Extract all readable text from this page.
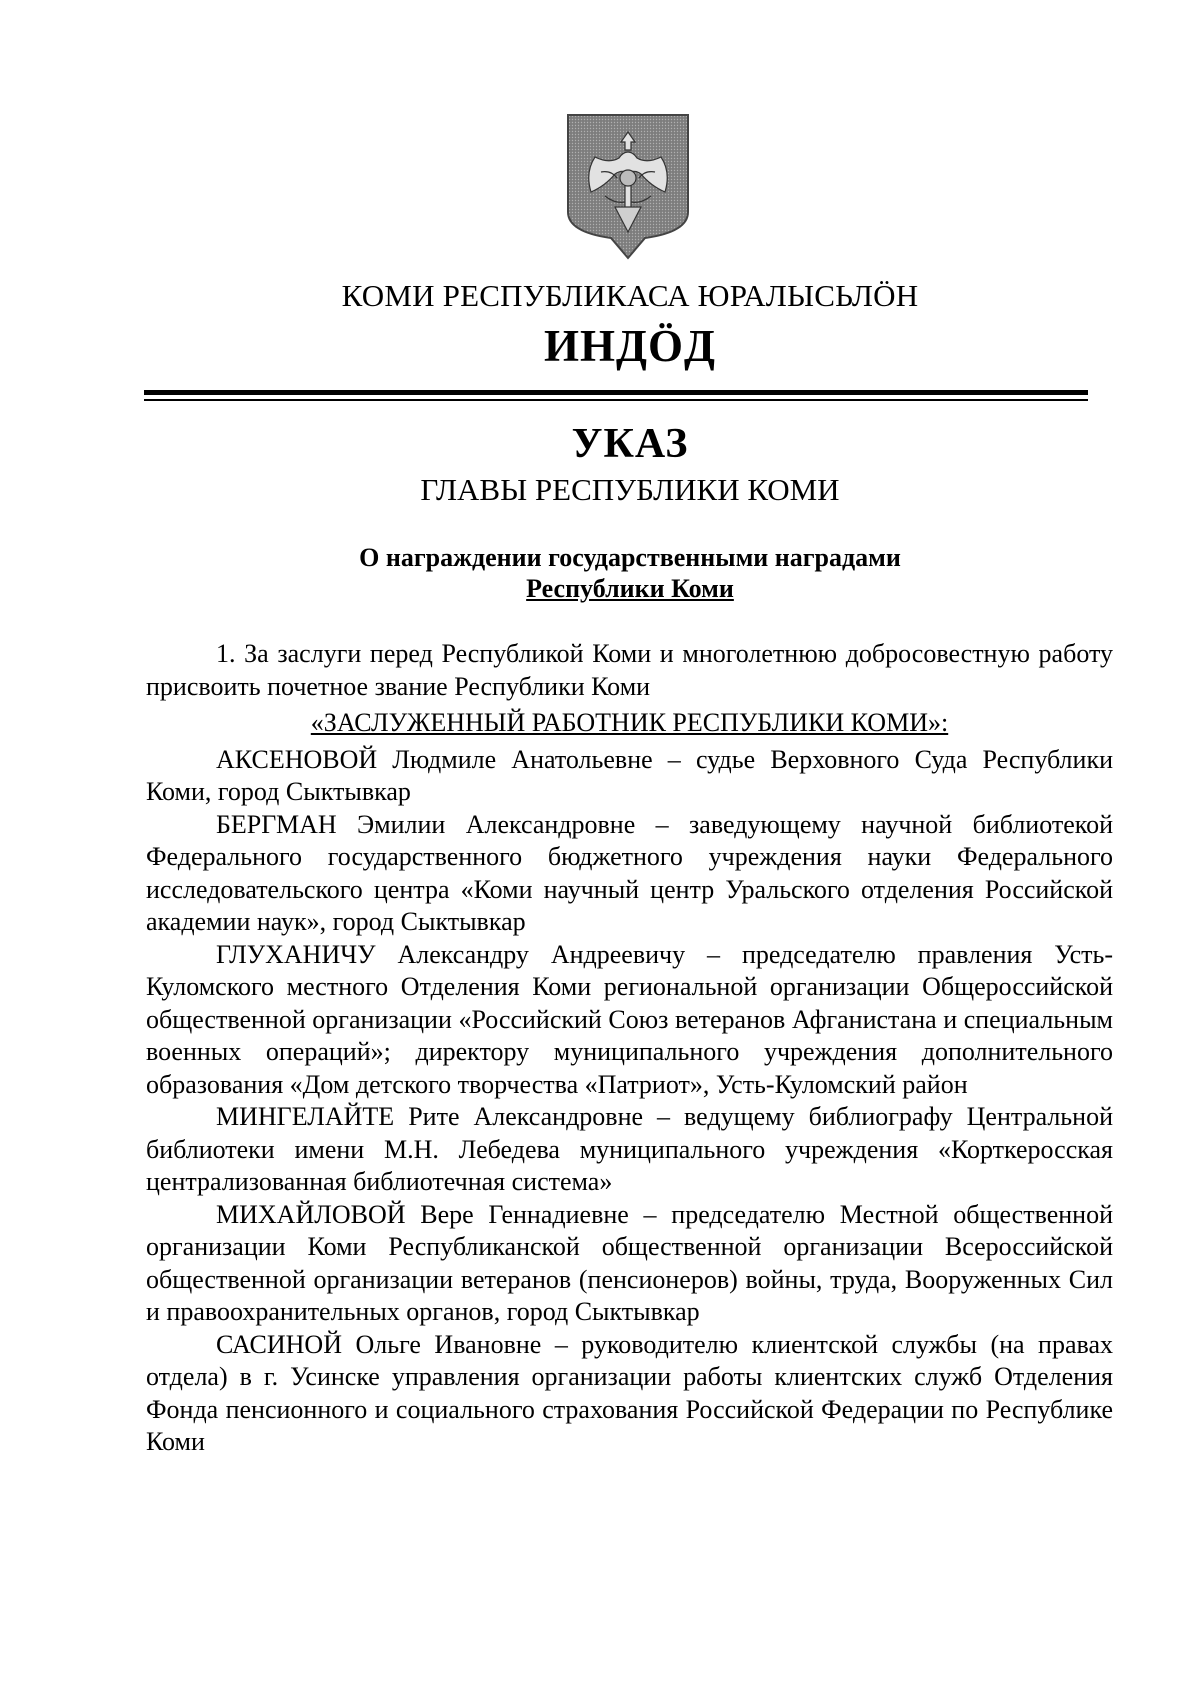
КОМИ РЕСПУБЛИКАСА ЮРАЛЫСЬЛÖН
ИНДÖД
УКАЗ
ГЛАВЫ РЕСПУБЛИКИ КОМИ
О награждении государственными наградами
Республики Коми

1. За заслуги перед Республикой Коми и многолетнюю добросовестную работу присвоить почетное звание Республики Коми

«ЗАСЛУЖЕННЫЙ РАБОТНИК РЕСПУБЛИКИ КОМИ»:

АКСЕНОВОЙ Людмиле Анатольевне – судье Верховного Суда Республики Коми, город Сыктывкар

БЕРГМАН Эмилии Александровне – заведующему научной библиотекой Федерального государственного бюджетного учреждения науки Федерального исследовательского центра «Коми научный центр Уральского отделения Российской академии наук», город Сыктывкар

ГЛУХАНИЧУ Александру Андреевичу – председателю правления Усть-Куломского местного Отделения Коми региональной организации Общероссийской общественной организации «Российский Союз ветеранов Афганистана и специальным военных операций»; директору муниципального учреждения дополнительного образования «Дом детского творчества «Патриот», Усть-Куломский район

МИНГЕЛАЙТЕ Рите Александровне – ведущему библиографу Центральной библиотеки имени М.Н. Лебедева муниципального учреждения «Корткеросская централизованная библиотечная система»

МИХАЙЛОВОЙ Вере Геннадиевне – председателю Местной общественной организации Коми Республиканской общественной организации Всероссийской общественной организации ветеранов (пенсионеров) войны, труда, Вооруженных Сил и правоохранительных органов, город Сыктывкар

САСИНОЙ Ольге Ивановне – руководителю клиентской службы (на правах отдела) в г. Усинске управления организации работы клиентских служб Отделения Фонда пенсионного и социального страхования Российской Федерации по Республике Коми
